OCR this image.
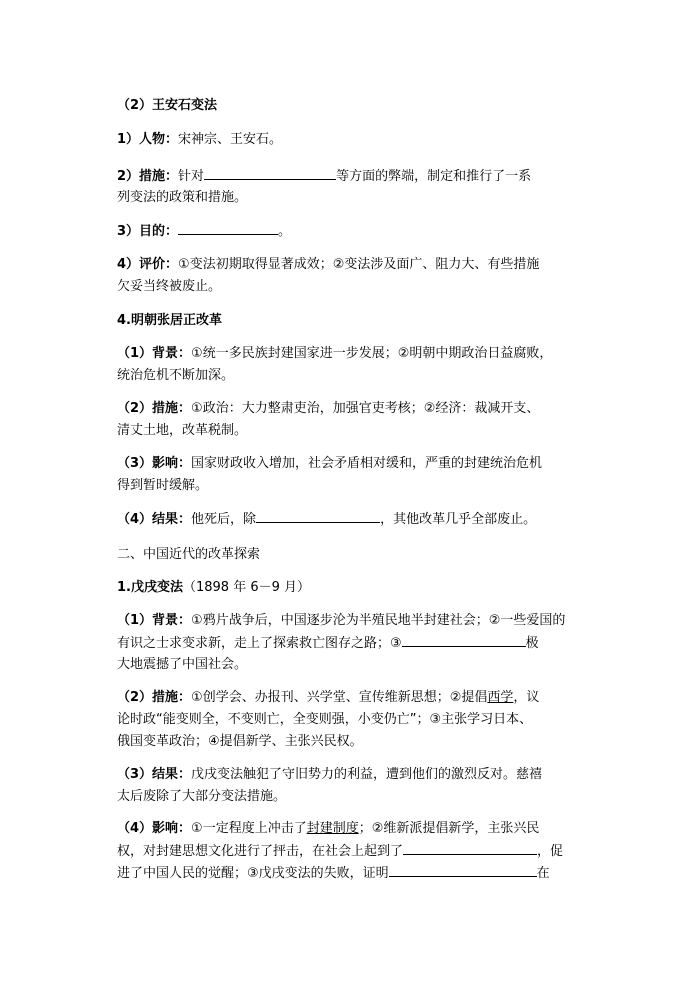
（2）王安石变法
1）人物：宋神宗、王安石。
2）措施：针对	等方面的弊端，制定和推行了一系
列变法的政策和措施。
3）目的：	。
4）评价：①变法初期取得显著成效；②变法涉及面广、阻力大、有些措施
欠妥当终被废止。
4.明朝张居正改革
（1）背景：①统一多民族封建国家进一步发展；②明朝中期政治日益腐败，
统治危机不断加深。
（2）措施：①政治：大力整肃吏治，加强官吏考核；②经济：裁减开支、
清丈土地，改革税制。
（3）影响：国家财政收入增加，社会矛盾相对缓和，严重的封建统治危机
得到暂时缓解。
（4）结果：他死后，除	，其他改革几乎全部废止。
二、中国近代的改革探索
1.戊戌变法（1898 年 6－9 月）
（1）背景：①鸦片战争后，中国逐步沦为半殖民地半封建社会；②一些爱国的
有识之士求变求新，走上了探索救亡图存之路；③	极
大地震撼了中国社会。
（2）措施：①创学会、办报刊、兴学堂、宣传维新思想；②提倡西学，议
论时政“能变则全，不变则亡，全变则强，小变仍亡”；③主张学习日本、
俄国变革政治；④提倡新学、主张兴民权。
（3）结果：戊戌变法触犯了守旧势力的利益，遭到他们的激烈反对。慈禧
太后废除了大部分变法措施。
（4）影响：①一定程度上冲击了封建制度；②维新派提倡新学，主张兴民
权，对封建思想文化进行了抨击，在社会上起到了	，促
进了中国人民的觉醒；③戊戌变法的失败，证明	在
